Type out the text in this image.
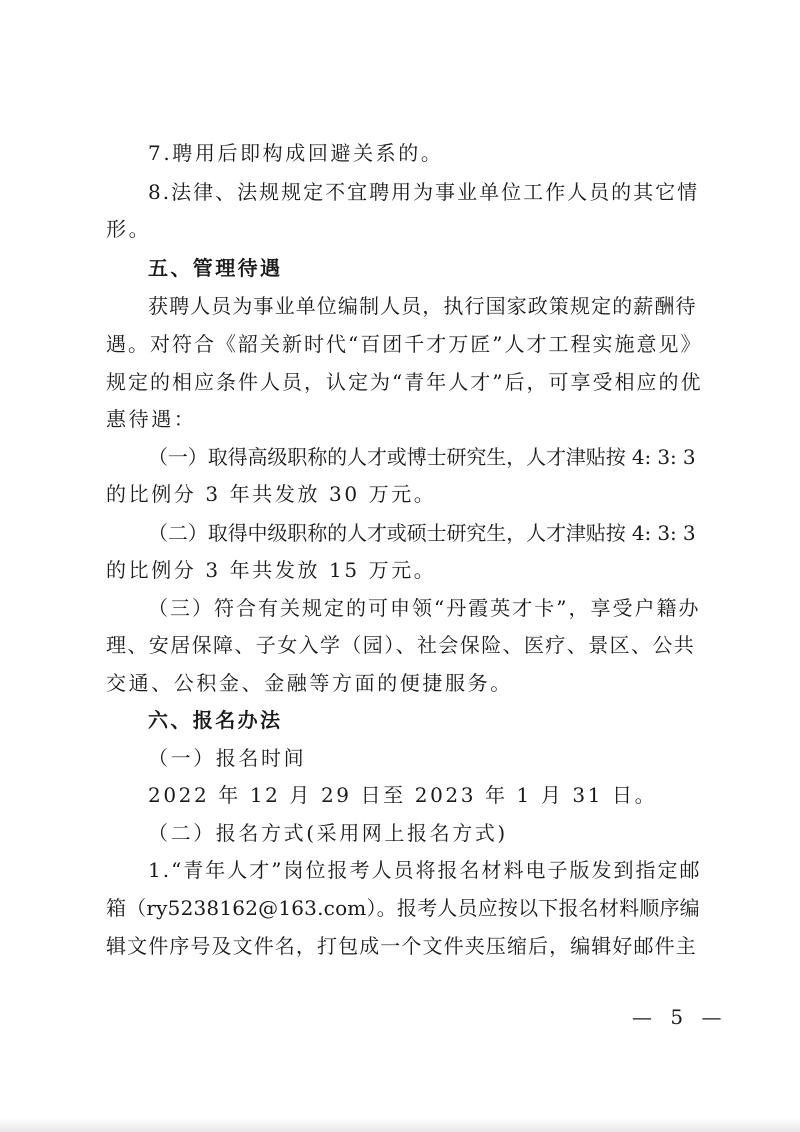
7.聘用后即构成回避关系的。
8.法律、法规规定不宜聘用为事业单位工作人员的其它情
形。
五、管理待遇
获聘人员为事业单位编制人员，执行国家政策规定的薪酬待
遇。对符合《韶关新时代“百团千才万匠”人才工程实施意见》
规定的相应条件人员，认定为“青年人才”后，可享受相应的优
惠待遇：
（一）取得高级职称的人才或博士研究生，人才津贴按 4: 3: 3
的比例分 3 年共发放 30 万元。
（二）取得中级职称的人才或硕士研究生，人才津贴按 4: 3: 3
的比例分 3 年共发放 15 万元。
（三）符合有关规定的可申领“丹霞英才卡”，享受户籍办
理、安居保障、子女入学（园）、社会保险、医疗、景区、公共
交通、公积金、金融等方面的便捷服务。
六、报名办法
（一）报名时间
2022 年 12 月 29 日至 2023 年 1 月 31 日。
（二）报名方式(采用网上报名方式)
1.“青年人才”岗位报考人员将报名材料电子版发到指定邮
箱（ry5238162@163.com）。报考人员应按以下报名材料顺序编
辑文件序号及文件名，打包成一个文件夹压缩后，编辑好邮件主
— 5 —
